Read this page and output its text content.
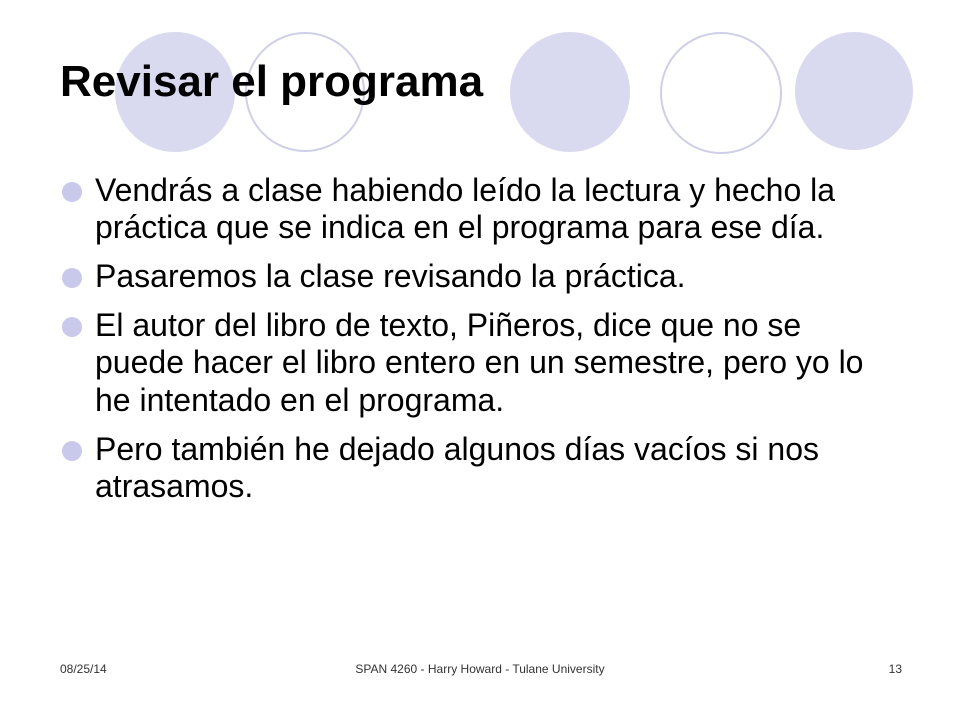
Revisar el programa
Vendrás a clase habiendo leído la lectura y hecho la práctica que se indica en el programa para ese día.
Pasaremos la clase revisando la práctica.
El autor del libro de texto, Piñeros, dice que no se puede hacer el libro entero en un semestre, pero yo lo he intentado en el programa.
Pero también he dejado algunos días vacíos si nos atrasamos.
08/25/14	SPAN 4260 - Harry Howard - Tulane University	13
